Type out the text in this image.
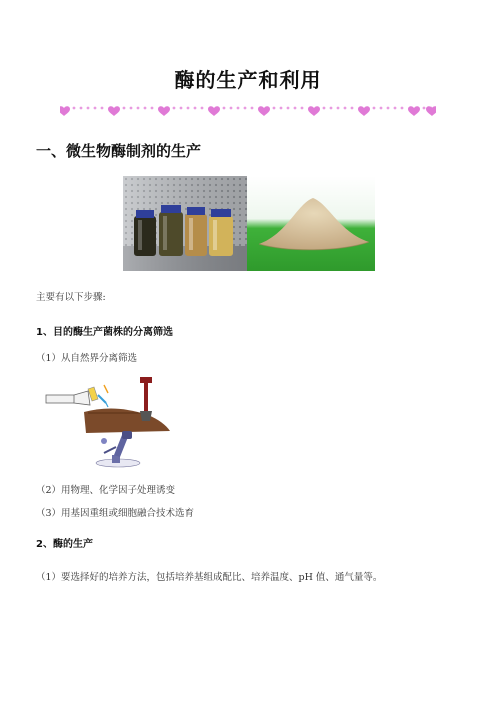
酶的生产和利用
一、微生物酶制剂的生产
主要有以下步骤:
1、目的酶生产菌株的分离筛选
（1）从自然界分离筛选
（2）用物理、化学因子处理诱变
（3）用基因重组或细胞融合技术选育
2、酶的生产
（1）要选择好的培养方法，包括培养基组成配比、培养温度、pH 值、通气量等。
